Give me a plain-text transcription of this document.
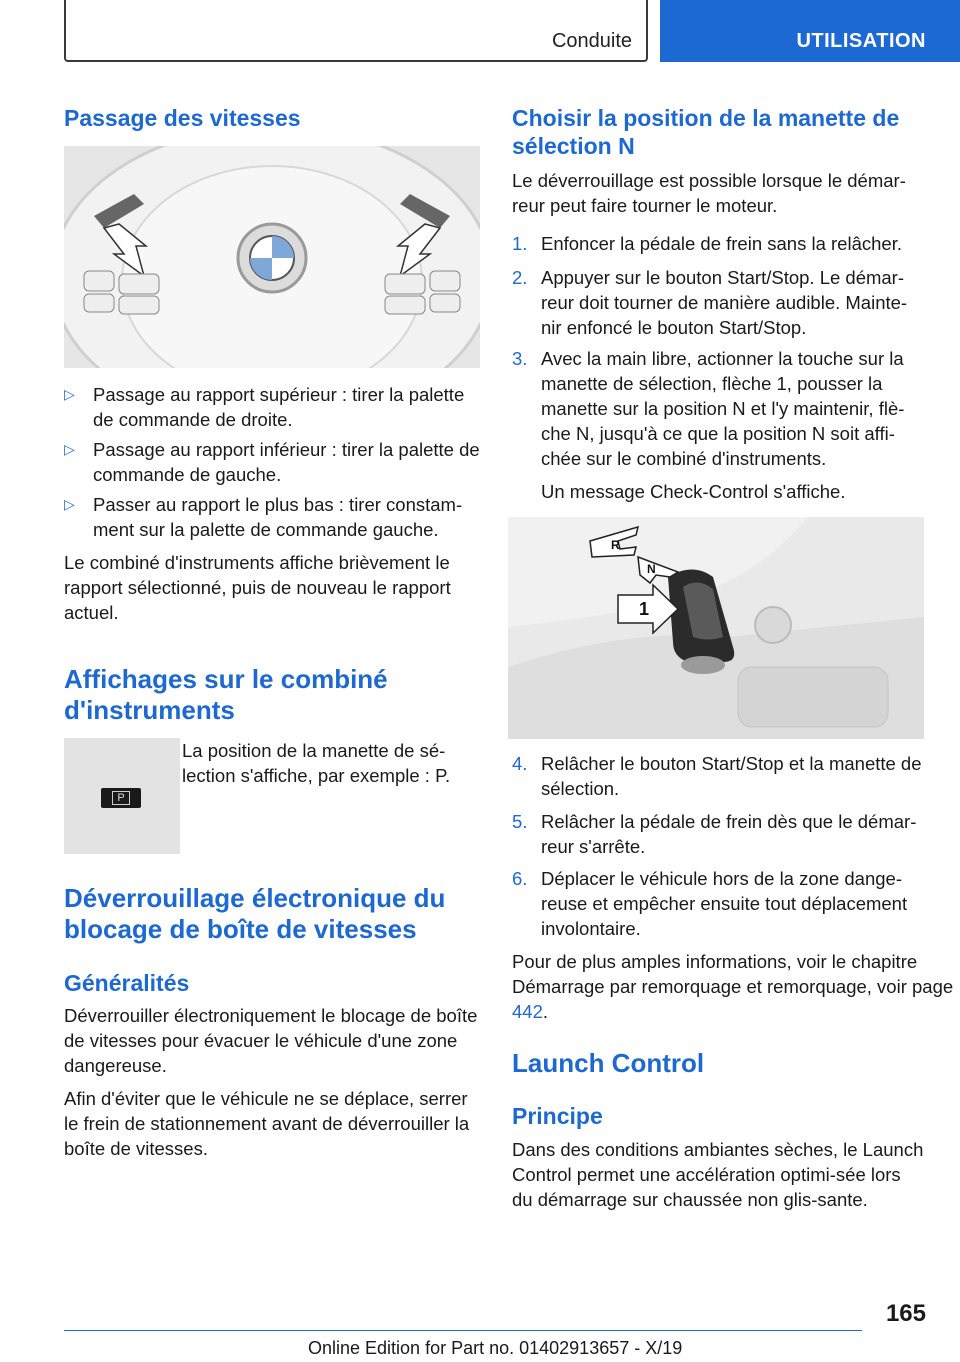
Conduite	UTILISATION
Passage des vitesses
▷ Passage au rapport supérieur : tirer la palette de commande de droite.
▷ Passage au rapport inférieur : tirer la palette de commande de gauche.
▷ Passer au rapport le plus bas : tirer constam‐ment sur la palette de commande gauche.

Le combiné d'instruments affiche brièvement le rapport sélectionné, puis de nouveau le rapport actuel.

Affichages sur le combiné d'instruments
P

La position de la manette de sé‐lection s'affiche, par exemple : P.

Déverrouillage électronique du blocage de boîte de vitesses
Généralités

Déverrouiller électroniquement le blocage de boîte de vitesses pour évacuer le véhicule d'une zone dangereuse.

Afin d'éviter que le véhicule ne se déplace, serrer le frein de stationnement avant de déverrouiller la boîte de vitesses.

Choisir la position de la manette de sélection N

Le déverrouillage est possible lorsque le démar‐reur peut faire tourner le moteur.

1. Enfoncer la pédale de frein sans la relâcher.
2. Appuyer sur le bouton Start/Stop. Le démar‐reur doit tourner de manière audible. Mainte‐nir enfoncé le bouton Start/Stop.
3. Avec la main libre, actionner la touche sur la manette de sélection, flèche 1, pousser la manette sur la position N et l'y maintenir, flè‐che N, jusqu'à ce que la position N soit affi‐chée sur le combiné d'instruments.

Un message Check-Control s'affiche.

R
N
1
4. Relâcher le bouton Start/Stop et la manette de sélection.
5. Relâcher la pédale de frein dès que le démar‐reur s'arrête.
6. Déplacer le véhicule hors de la zone dange‐reuse et empêcher ensuite tout déplacement involontaire.

Pour de plus amples informations, voir le chapitre Démarrage par remorquage et remorquage, voir page 442.

Launch Control
Principe

Dans des conditions ambiantes sèches, le Launch Control permet une accélération optimi‐sée lors du démarrage sur chaussée non glis‐sante.

165
Online Edition for Part no. 01402913657 - X/19
